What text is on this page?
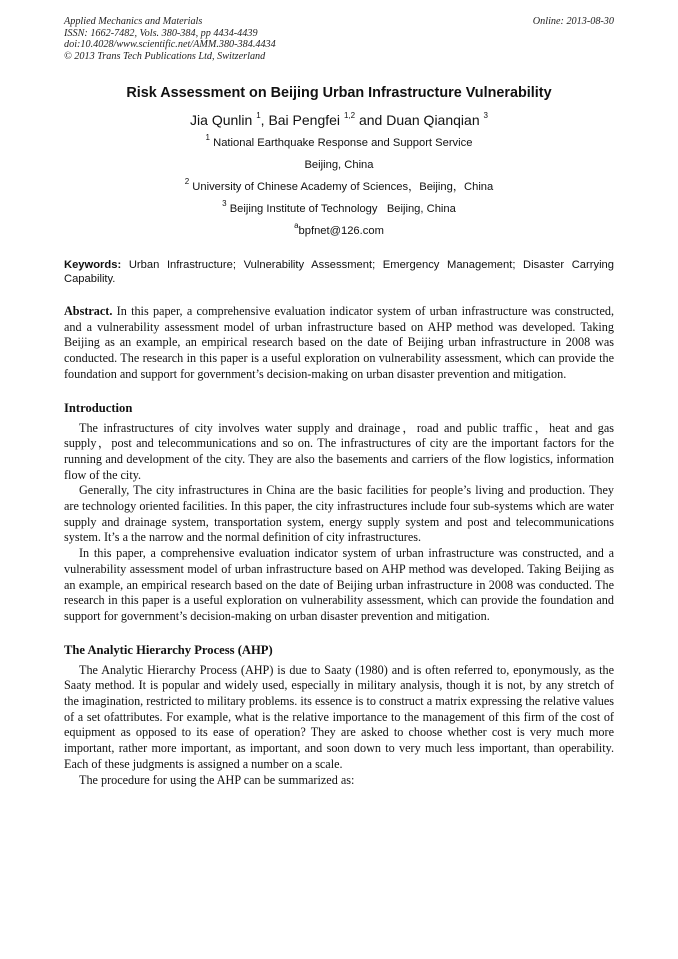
Applied Mechanics and Materials
ISSN: 1662-7482, Vols. 380-384, pp 4434-4439
doi:10.4028/www.scientific.net/AMM.380-384.4434
© 2013 Trans Tech Publications Ltd, Switzerland
Online: 2013-08-30
Risk Assessment on Beijing Urban Infrastructure Vulnerability
Jia Qunlin $^1$, Bai Pengfei $^{1,2}$ and Duan Qianqian $^3$
$^1$ National Earthquake Response and Support Service
Beijing, China
$^2$ University of Chinese Academy of Sciences，Beijing，China
$^3$ Beijing Institute of Technology   Beijing, China
$^a$bpfnet@126.com
Keywords: Urban Infrastructure; Vulnerability Assessment; Emergency Management; Disaster Carrying Capability.
Abstract. In this paper, a comprehensive evaluation indicator system of urban infrastructure was constructed, and a vulnerability assessment model of urban infrastructure based on AHP method was developed. Taking Beijing as an example, an empirical research based on the date of Beijing urban infrastructure in 2008 was conducted. The research in this paper is a useful exploration on vulnerability assessment, which can provide the foundation and support for government’s decision-making on urban disaster prevention and mitigation.
Introduction

The infrastructures of city involves water supply and drainage，road and public traffic，heat and gas supply，post and telecommunications and so on. The infrastructures of city are the important factors for the running and development of the city. They are also the basements and carriers of the flow logistics, information flow of the city.

Generally, The city infrastructures in China are the basic facilities for people’s living and production. They are technology oriented facilities. In this paper, the city infrastructures include four sub-systems which are water supply and drainage system, transportation system, energy supply system and post and telecommunications system. It’s a the narrow and the normal definition of city infrastructures.

In this paper, a comprehensive evaluation indicator system of urban infrastructure was constructed, and a vulnerability assessment model of urban infrastructure based on AHP method was developed. Taking Beijing as an example, an empirical research based on the date of Beijing urban infrastructure in 2008 was conducted. The research in this paper is a useful exploration on vulnerability assessment, which can provide the foundation and support for government’s decision-making on urban disaster prevention and mitigation.

The Analytic Hierarchy Process (AHP)

The Analytic Hierarchy Process (AHP) is due to Saaty (1980) and is often referred to, eponymously, as the Saaty method. It is popular and widely used, especially in military analysis, though it is not, by any stretch of the imagination, restricted to military problems. its essence is to construct a matrix expressing the relative values of a set ofattributes. For example, what is the relative importance to the management of this firm of the cost of equipment as opposed to its ease of operation? They are asked to choose whether cost is very much more important, rather more important, as important, and soon down to very much less important, than operability. Each of these judgments is assigned a number on a scale.

The procedure for using the AHP can be summarized as:
